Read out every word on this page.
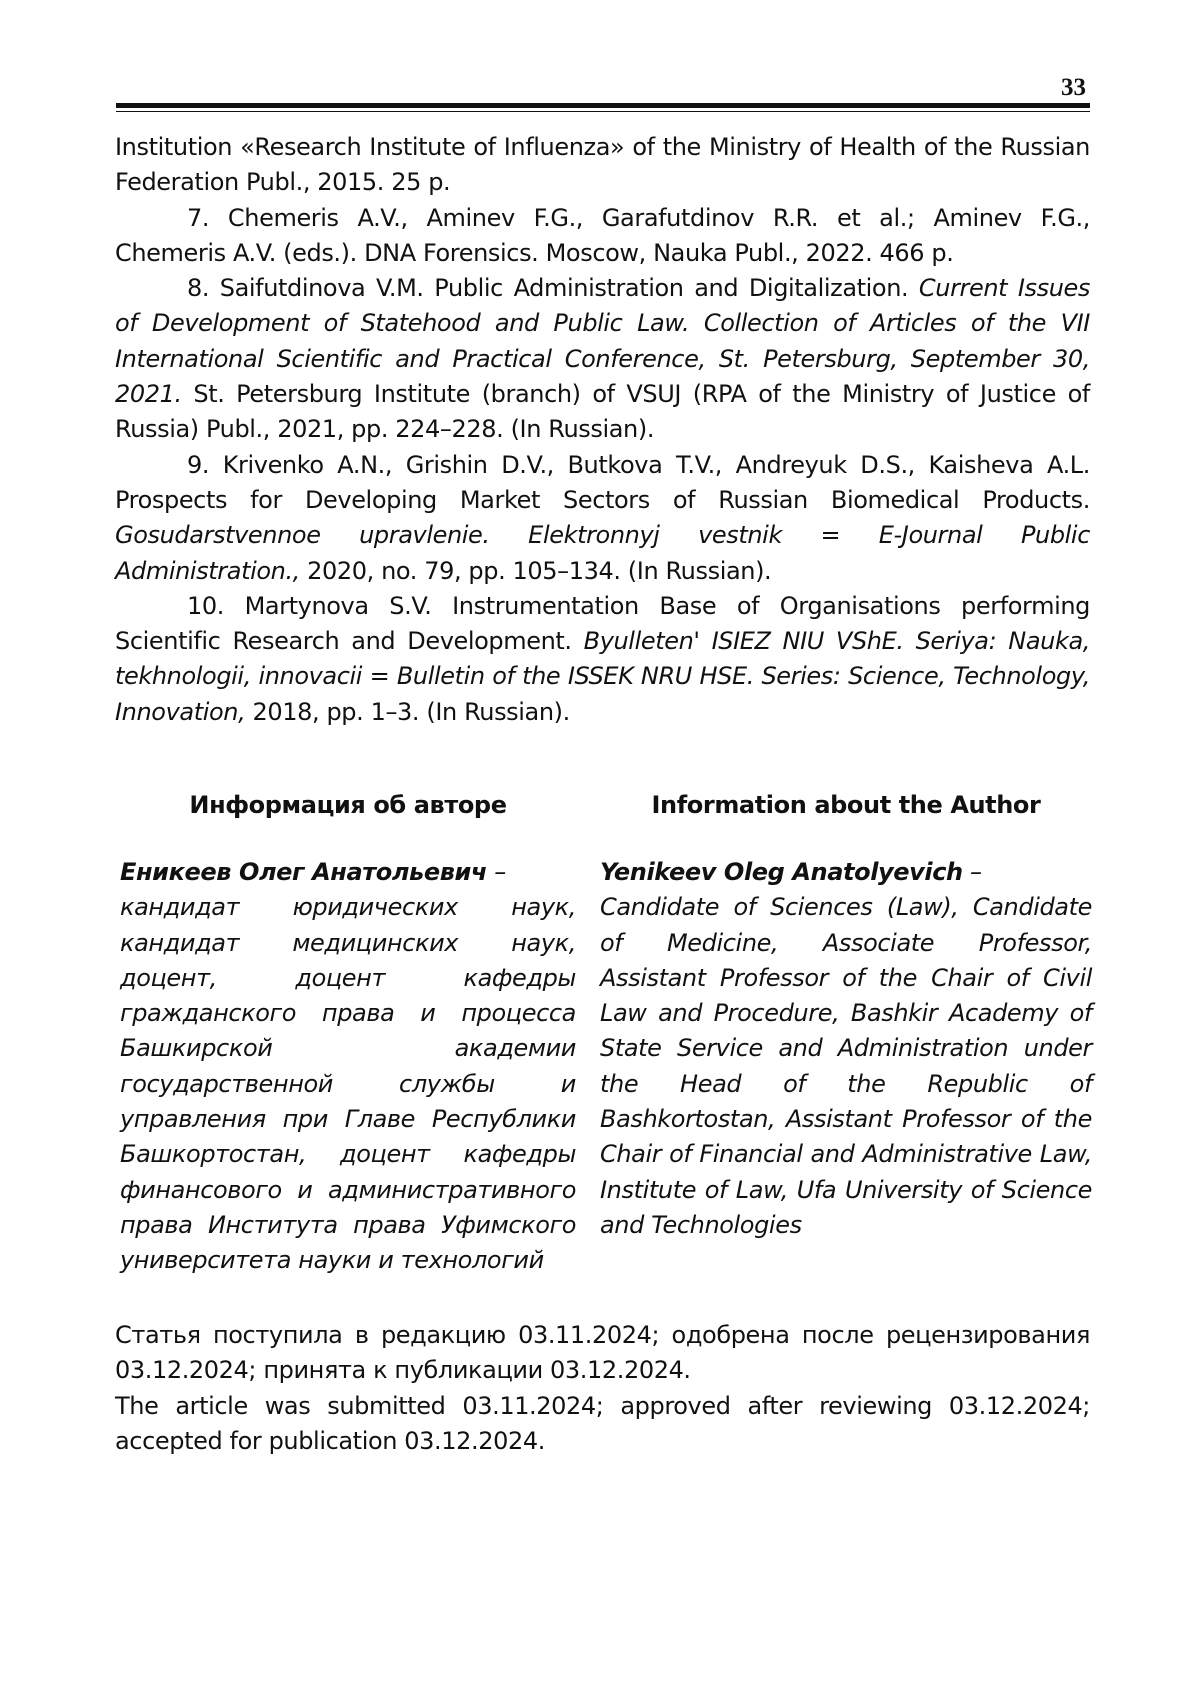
33

Institution «Research Institute of Influenza» of the Ministry of Health of the Russian Federation Publ., 2015. 25 p.

7. Chemeris A.V., Aminev F.G., Garafutdinov R.R. et al.; Aminev F.G., Chemeris A.V. (eds.). DNA Forensics. Moscow, Nauka Publ., 2022. 466 p.

8. Saifutdinova V.M. Public Administration and Digitalization. Current Issues of Development of Statehood and Public Law. Collection of Articles of the VII International Scientific and Practical Conference, St. Petersburg, September 30, 2021. St. Petersburg Institute (branch) of VSUJ (RPA of the Ministry of Justice of Russia) Publ., 2021, pp. 224–228. (In Russian).

9. Krivenko A.N., Grishin D.V., Butkova T.V., Andreyuk D.S., Kaisheva A.L. Prospects for Developing Market Sectors of Russian Biomedical Products. Gosudarstvennoe upravlenie. Elektronnyj vestnik = E-Journal Public Administration., 2020, no. 79, pp. 105–134. (In Russian).

10. Martynova S.V. Instrumentation Base of Organisations performing Scientific Research and Development. Byulleten' ISIEZ NIU VShE. Seriya: Nauka, tekhnologii, innovacii = Bulletin of the ISSEK NRU HSE. Series: Science, Technology, Innovation, 2018, pp. 1–3. (In Russian).

Информация об авторе

Еникеев Олег Анатольевич –
кандидат юридических наук, кандидат медицинских наук, доцент, доцент кафедры гражданского права и процесса Башкирской академии государственной службы и управления при Главе Республики Башкортостан, доцент кафедры финансового и административного права Института права Уфимского университета науки и технологий

Information about the Author

Yenikeev Oleg Anatolyevich –
Candidate of Sciences (Law), Candidate of Medicine, Associate Professor, Assistant Professor of the Chair of Civil Law and Procedure, Bashkir Academy of State Service and Administration under the Head of the Republic of Bashkortostan, Assistant Professor of the Chair of Financial and Administrative Law, Institute of Law, Ufa University of Science and Technologies

Статья поступила в редакцию 03.11.2024; одобрена после рецензирования 03.12.2024; принята к публикации 03.12.2024.

The article was submitted 03.11.2024; approved after reviewing 03.12.2024; accepted for publication 03.12.2024.
